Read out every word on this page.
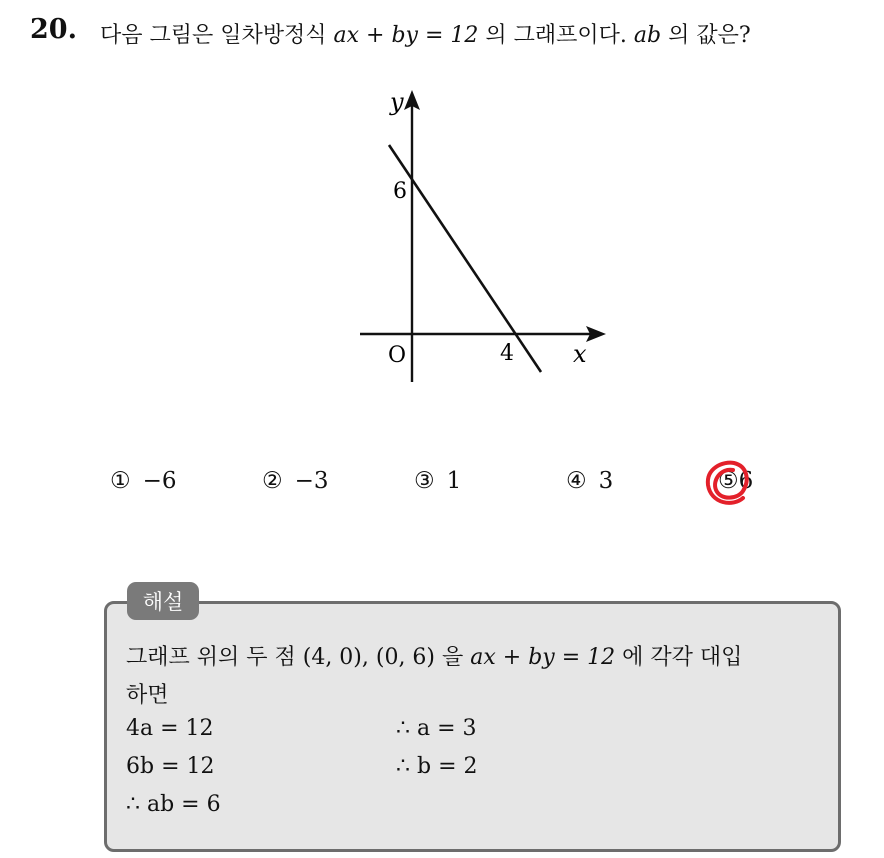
20. 다음 그림은 일차방정식 ax + by = 12 의 그래프이다. ab 의 값은?
y
x
O
6
4
① −6	② −3	③ 1	④ 3	⑤6
해설
그래프 위의 두 점 (4, 0), (0, 6) 을 ax + by = 12 에 각각 대입
하면
4a = 12	∴ a = 3
6b = 12	∴ b = 2
∴ ab = 6
